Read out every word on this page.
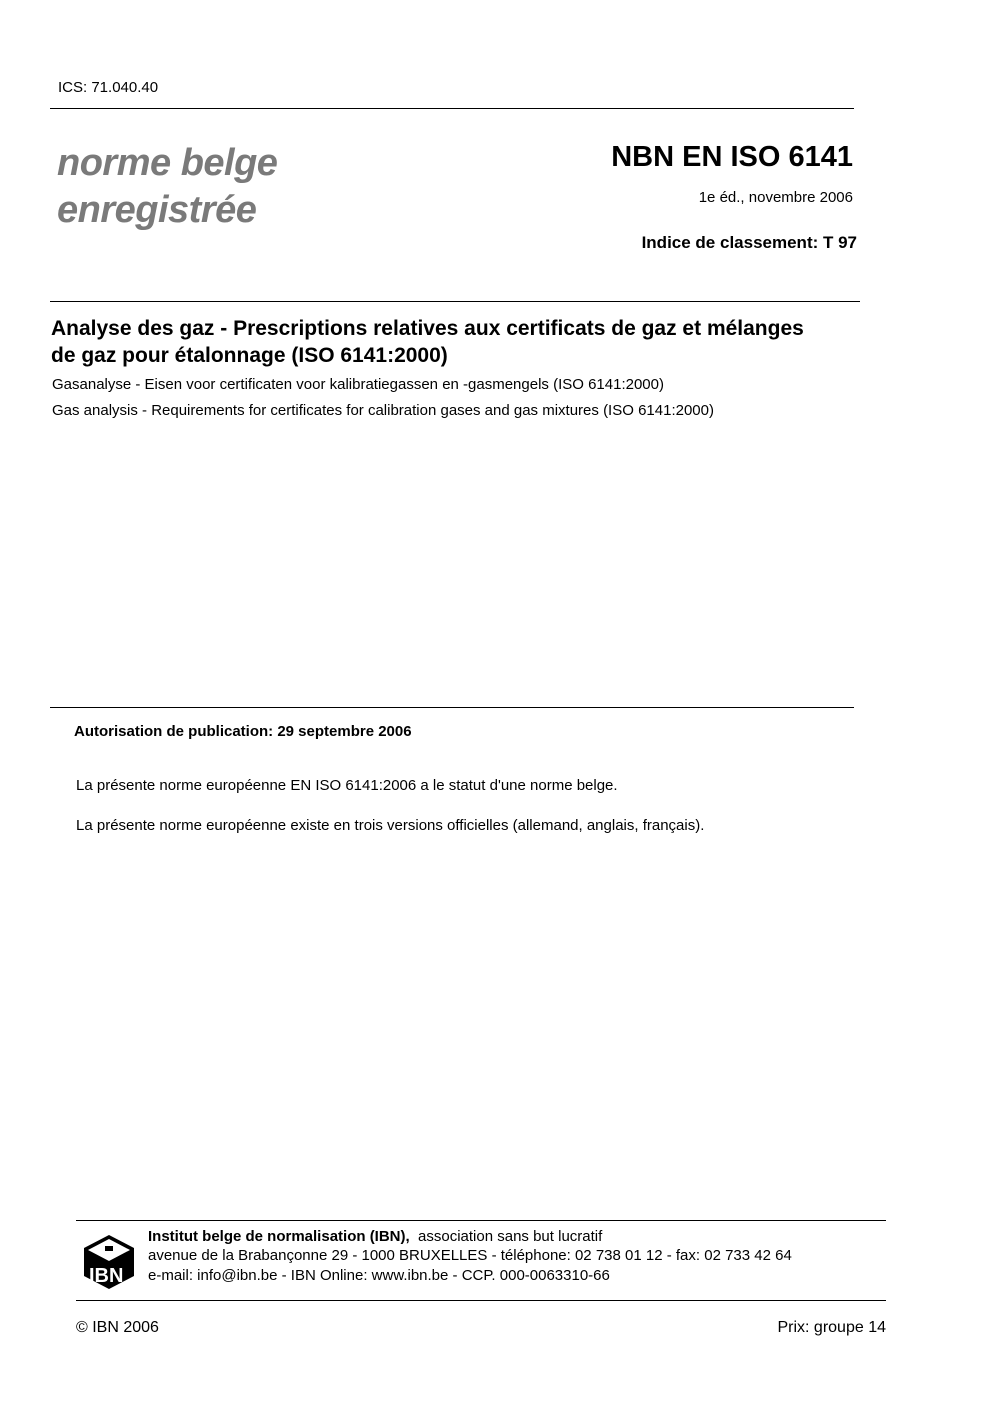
ICS: 71.040.40
norme belge
enregistrée
NBN EN ISO 6141
1e éd., novembre 2006
Indice de classement: T 97
Analyse des gaz - Prescriptions relatives aux certificats de gaz et mélanges de gaz pour étalonnage (ISO 6141:2000)
Gasanalyse - Eisen voor certificaten voor kalibratiegassen en -gasmengels (ISO 6141:2000)
Gas analysis - Requirements for certificates for calibration gases and gas mixtures (ISO 6141:2000)
Autorisation de publication: 29 septembre 2006
La présente norme européenne EN ISO 6141:2006 a le statut d'une norme belge.
La présente norme européenne existe en trois versions officielles (allemand, anglais, français).
IBN
Institut belge de normalisation (IBN), association sans but lucratif
avenue de la Brabançonne 29 - 1000 BRUXELLES - téléphone: 02 738 01 12 - fax: 02 733 42 64
e-mail: info@ibn.be - IBN Online: www.ibn.be - CCP. 000-0063310-66
© IBN 2006	Prix: groupe 14
